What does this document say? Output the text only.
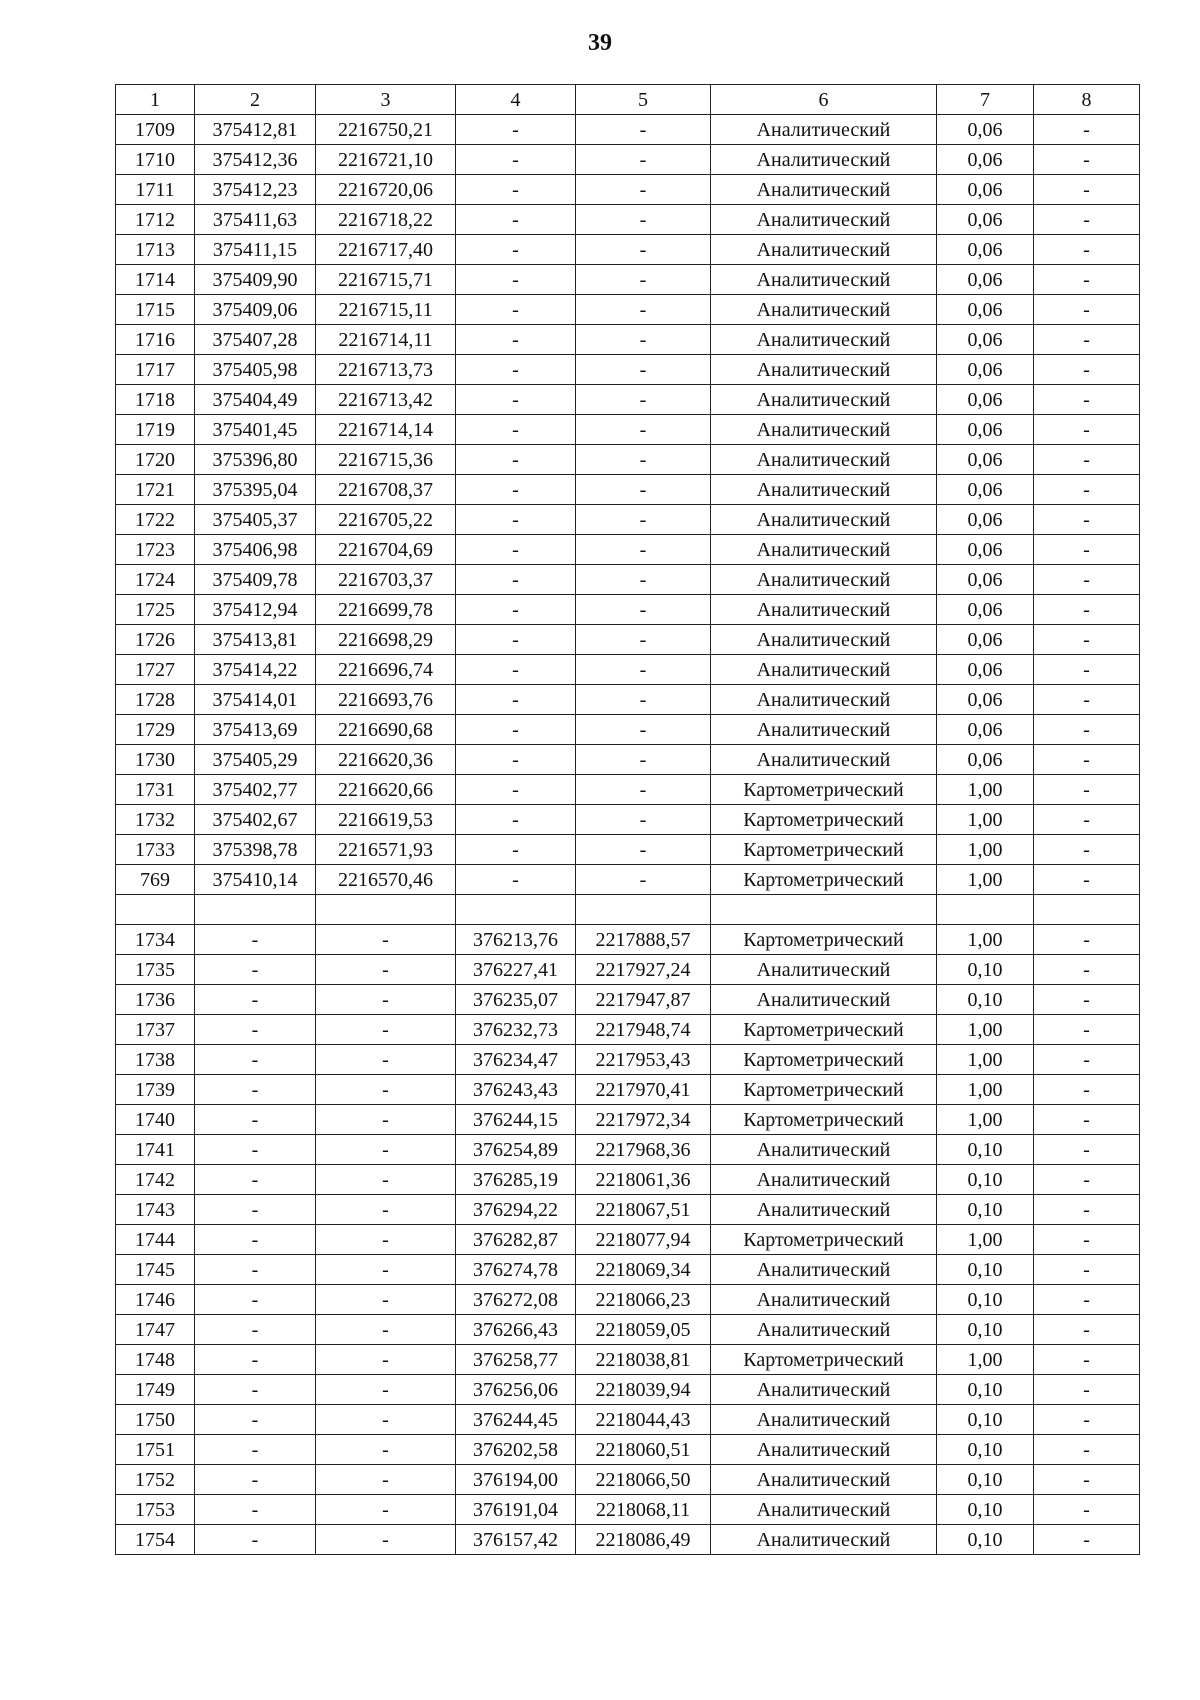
39
1	2	3	4	5	6	7	8
1709	375412,81	2216750,21	-	-	Аналитический	0,06	-
1710	375412,36	2216721,10	-	-	Аналитический	0,06	-
1711	375412,23	2216720,06	-	-	Аналитический	0,06	-
1712	375411,63	2216718,22	-	-	Аналитический	0,06	-
1713	375411,15	2216717,40	-	-	Аналитический	0,06	-
1714	375409,90	2216715,71	-	-	Аналитический	0,06	-
1715	375409,06	2216715,11	-	-	Аналитический	0,06	-
1716	375407,28	2216714,11	-	-	Аналитический	0,06	-
1717	375405,98	2216713,73	-	-	Аналитический	0,06	-
1718	375404,49	2216713,42	-	-	Аналитический	0,06	-
1719	375401,45	2216714,14	-	-	Аналитический	0,06	-
1720	375396,80	2216715,36	-	-	Аналитический	0,06	-
1721	375395,04	2216708,37	-	-	Аналитический	0,06	-
1722	375405,37	2216705,22	-	-	Аналитический	0,06	-
1723	375406,98	2216704,69	-	-	Аналитический	0,06	-
1724	375409,78	2216703,37	-	-	Аналитический	0,06	-
1725	375412,94	2216699,78	-	-	Аналитический	0,06	-
1726	375413,81	2216698,29	-	-	Аналитический	0,06	-
1727	375414,22	2216696,74	-	-	Аналитический	0,06	-
1728	375414,01	2216693,76	-	-	Аналитический	0,06	-
1729	375413,69	2216690,68	-	-	Аналитический	0,06	-
1730	375405,29	2216620,36	-	-	Аналитический	0,06	-
1731	375402,77	2216620,66	-	-	Картометрический	1,00	-
1732	375402,67	2216619,53	-	-	Картометрический	1,00	-
1733	375398,78	2216571,93	-	-	Картометрический	1,00	-
769	375410,14	2216570,46	-	-	Картометрический	1,00	-

1734	-	-	376213,76	2217888,57	Картометрический	1,00	-
1735	-	-	376227,41	2217927,24	Аналитический	0,10	-
1736	-	-	376235,07	2217947,87	Аналитический	0,10	-
1737	-	-	376232,73	2217948,74	Картометрический	1,00	-
1738	-	-	376234,47	2217953,43	Картометрический	1,00	-
1739	-	-	376243,43	2217970,41	Картометрический	1,00	-
1740	-	-	376244,15	2217972,34	Картометрический	1,00	-
1741	-	-	376254,89	2217968,36	Аналитический	0,10	-
1742	-	-	376285,19	2218061,36	Аналитический	0,10	-
1743	-	-	376294,22	2218067,51	Аналитический	0,10	-
1744	-	-	376282,87	2218077,94	Картометрический	1,00	-
1745	-	-	376274,78	2218069,34	Аналитический	0,10	-
1746	-	-	376272,08	2218066,23	Аналитический	0,10	-
1747	-	-	376266,43	2218059,05	Аналитический	0,10	-
1748	-	-	376258,77	2218038,81	Картометрический	1,00	-
1749	-	-	376256,06	2218039,94	Аналитический	0,10	-
1750	-	-	376244,45	2218044,43	Аналитический	0,10	-
1751	-	-	376202,58	2218060,51	Аналитический	0,10	-
1752	-	-	376194,00	2218066,50	Аналитический	0,10	-
1753	-	-	376191,04	2218068,11	Аналитический	0,10	-
1754	-	-	376157,42	2218086,49	Аналитический	0,10	-
